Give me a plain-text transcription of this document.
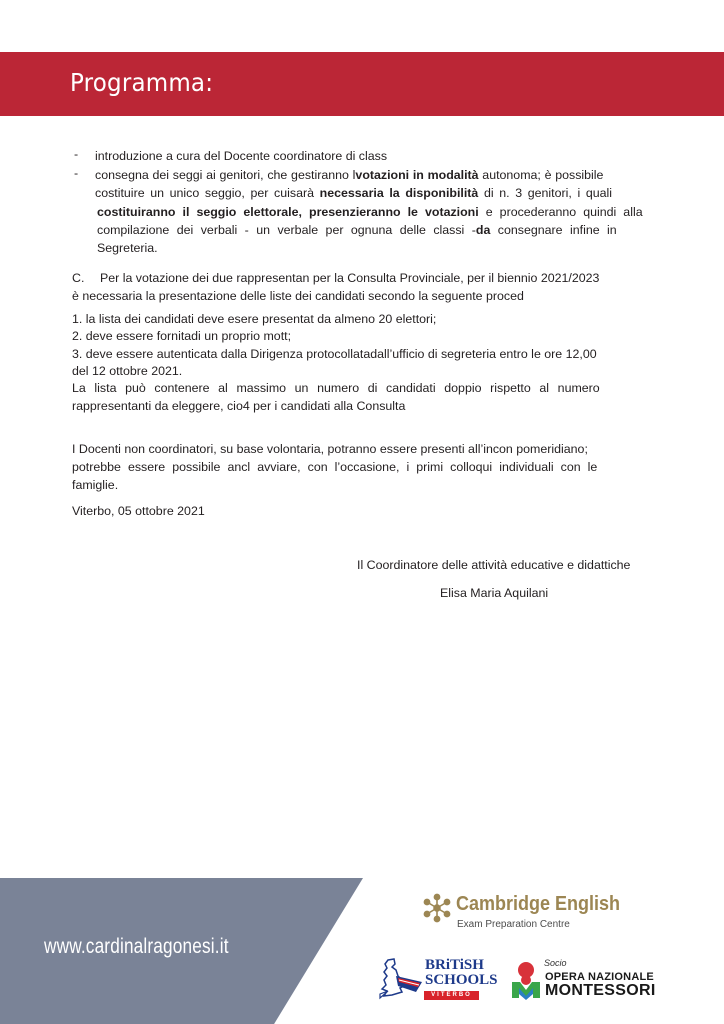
Programma:
- introduzione a cura del Docente coordinatore di class
- consegna dei seggi ai genitori, che gestiranno lvotazioni in modalità autonoma; è possibile
costituire un unico seggio, per cuisarà necessaria la disponibilità di n. 3 genitori, i quali
costituiranno il seggio elettorale, presenzieranno le votazioni e procederanno quindi alla
compilazione dei verbali - un verbale per ognuna delle classi -da consegnare infine in
Segreteria.
C. Per la votazione dei due rappresentan per la Consulta Provinciale, per il biennio 2021/2023
è necessaria la presentazione delle liste dei candidati secondo la seguente proced
1. la lista dei candidati deve esere presentat da almeno 20 elettori;
2. deve essere fornitadi un proprio mott;
3. deve essere autenticata dalla Dirigenza protocollatadall’ufficio di segreteria entro le ore 12,00
del 12 ottobre 2021.
La lista può contenere al massimo un numero di candidati doppio rispetto al numero
rappresentanti da eleggere, cio4 per i candidati alla Consulta
I Docenti non coordinatori, su base volontaria, potranno essere presenti all’incon pomeridiano;
potrebbe essere possibile ancl avviare, con l’occasione, i primi colloqui individuali con le
famiglie.
Viterbo, 05 ottobre 2021
Il Coordinatore delle attività educative e didattiche
Elisa Maria Aquilani
www.cardinalragonesi.it
Cambridge English
Exam Preparation Centre
BRiTiSH
SCHOOLS
VITERBO
Socio
OPERA NAZIONALE
MONTESSORI
